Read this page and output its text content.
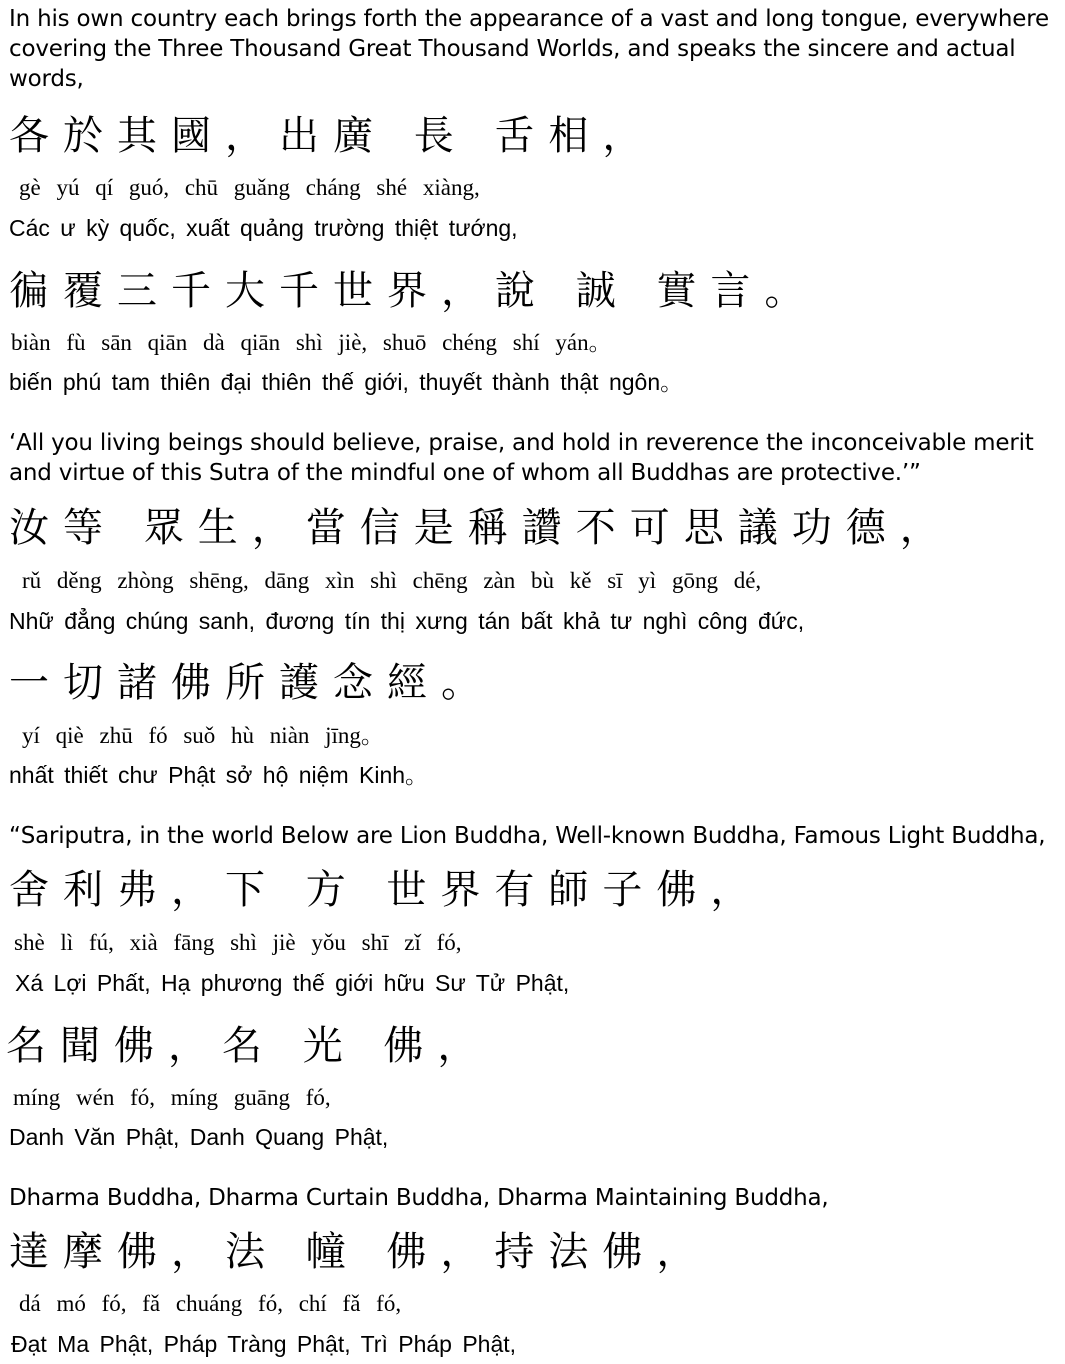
In his own country each brings forth the appearance of a vast and long tongue, everywhere covering the Three Thousand Great Thousand Worlds, and speaks the sincere and actual words,

各於其國，出廣 長 舌相，
gè yú qí guó, chū guǎng cháng shé xiàng,
Các ư kỳ quốc, xuất quảng trường thiệt tướng,
徧覆三千大千世界，說 誠 實言。
biàn fù sān qiān dà qiān shì jiè, shuō chéng shí yán。
biến phú tam thiên đại thiên thế giới, thuyết thành thật ngôn。

‘All you living beings should believe, praise, and hold in reverence the inconceivable merit and virtue of this Sutra of the mindful one of whom all Buddhas are protective.’”

汝等 眾生，當信是稱讚不可思議功德，
rǔ děng zhòng shēng, dāng xìn shì chēng zàn bù kě sī yì gōng dé,
Nhữ đẳng chúng sanh, đương tín thị xưng tán bất khả tư nghì công đức,
一切諸佛所護念經。
yí qiè zhū fó suǒ hù niàn jīng。
nhất thiết chư Phật sở hộ niệm Kinh。

“Sariputra, in the world Below are Lion Buddha, Well-known Buddha, Famous Light Buddha,

舍利弗，下 方 世界有師子佛，
shè lì fú, xià fāng shì jiè yǒu shī zǐ fó,
Xá Lợi Phất, Hạ phương thế giới hữu Sư Tử Phật,
名聞佛，名 光 佛，
míng wén fó, míng guāng fó,
Danh Văn Phật, Danh Quang Phật,

Dharma Buddha, Dharma Curtain Buddha, Dharma Maintaining Buddha,

達摩佛，法 幢 佛，持法佛，
dá mó fó, fǎ chuáng fó, chí fǎ fó,
Đạt Ma Phật, Pháp Tràng Phật, Trì Pháp Phật,
